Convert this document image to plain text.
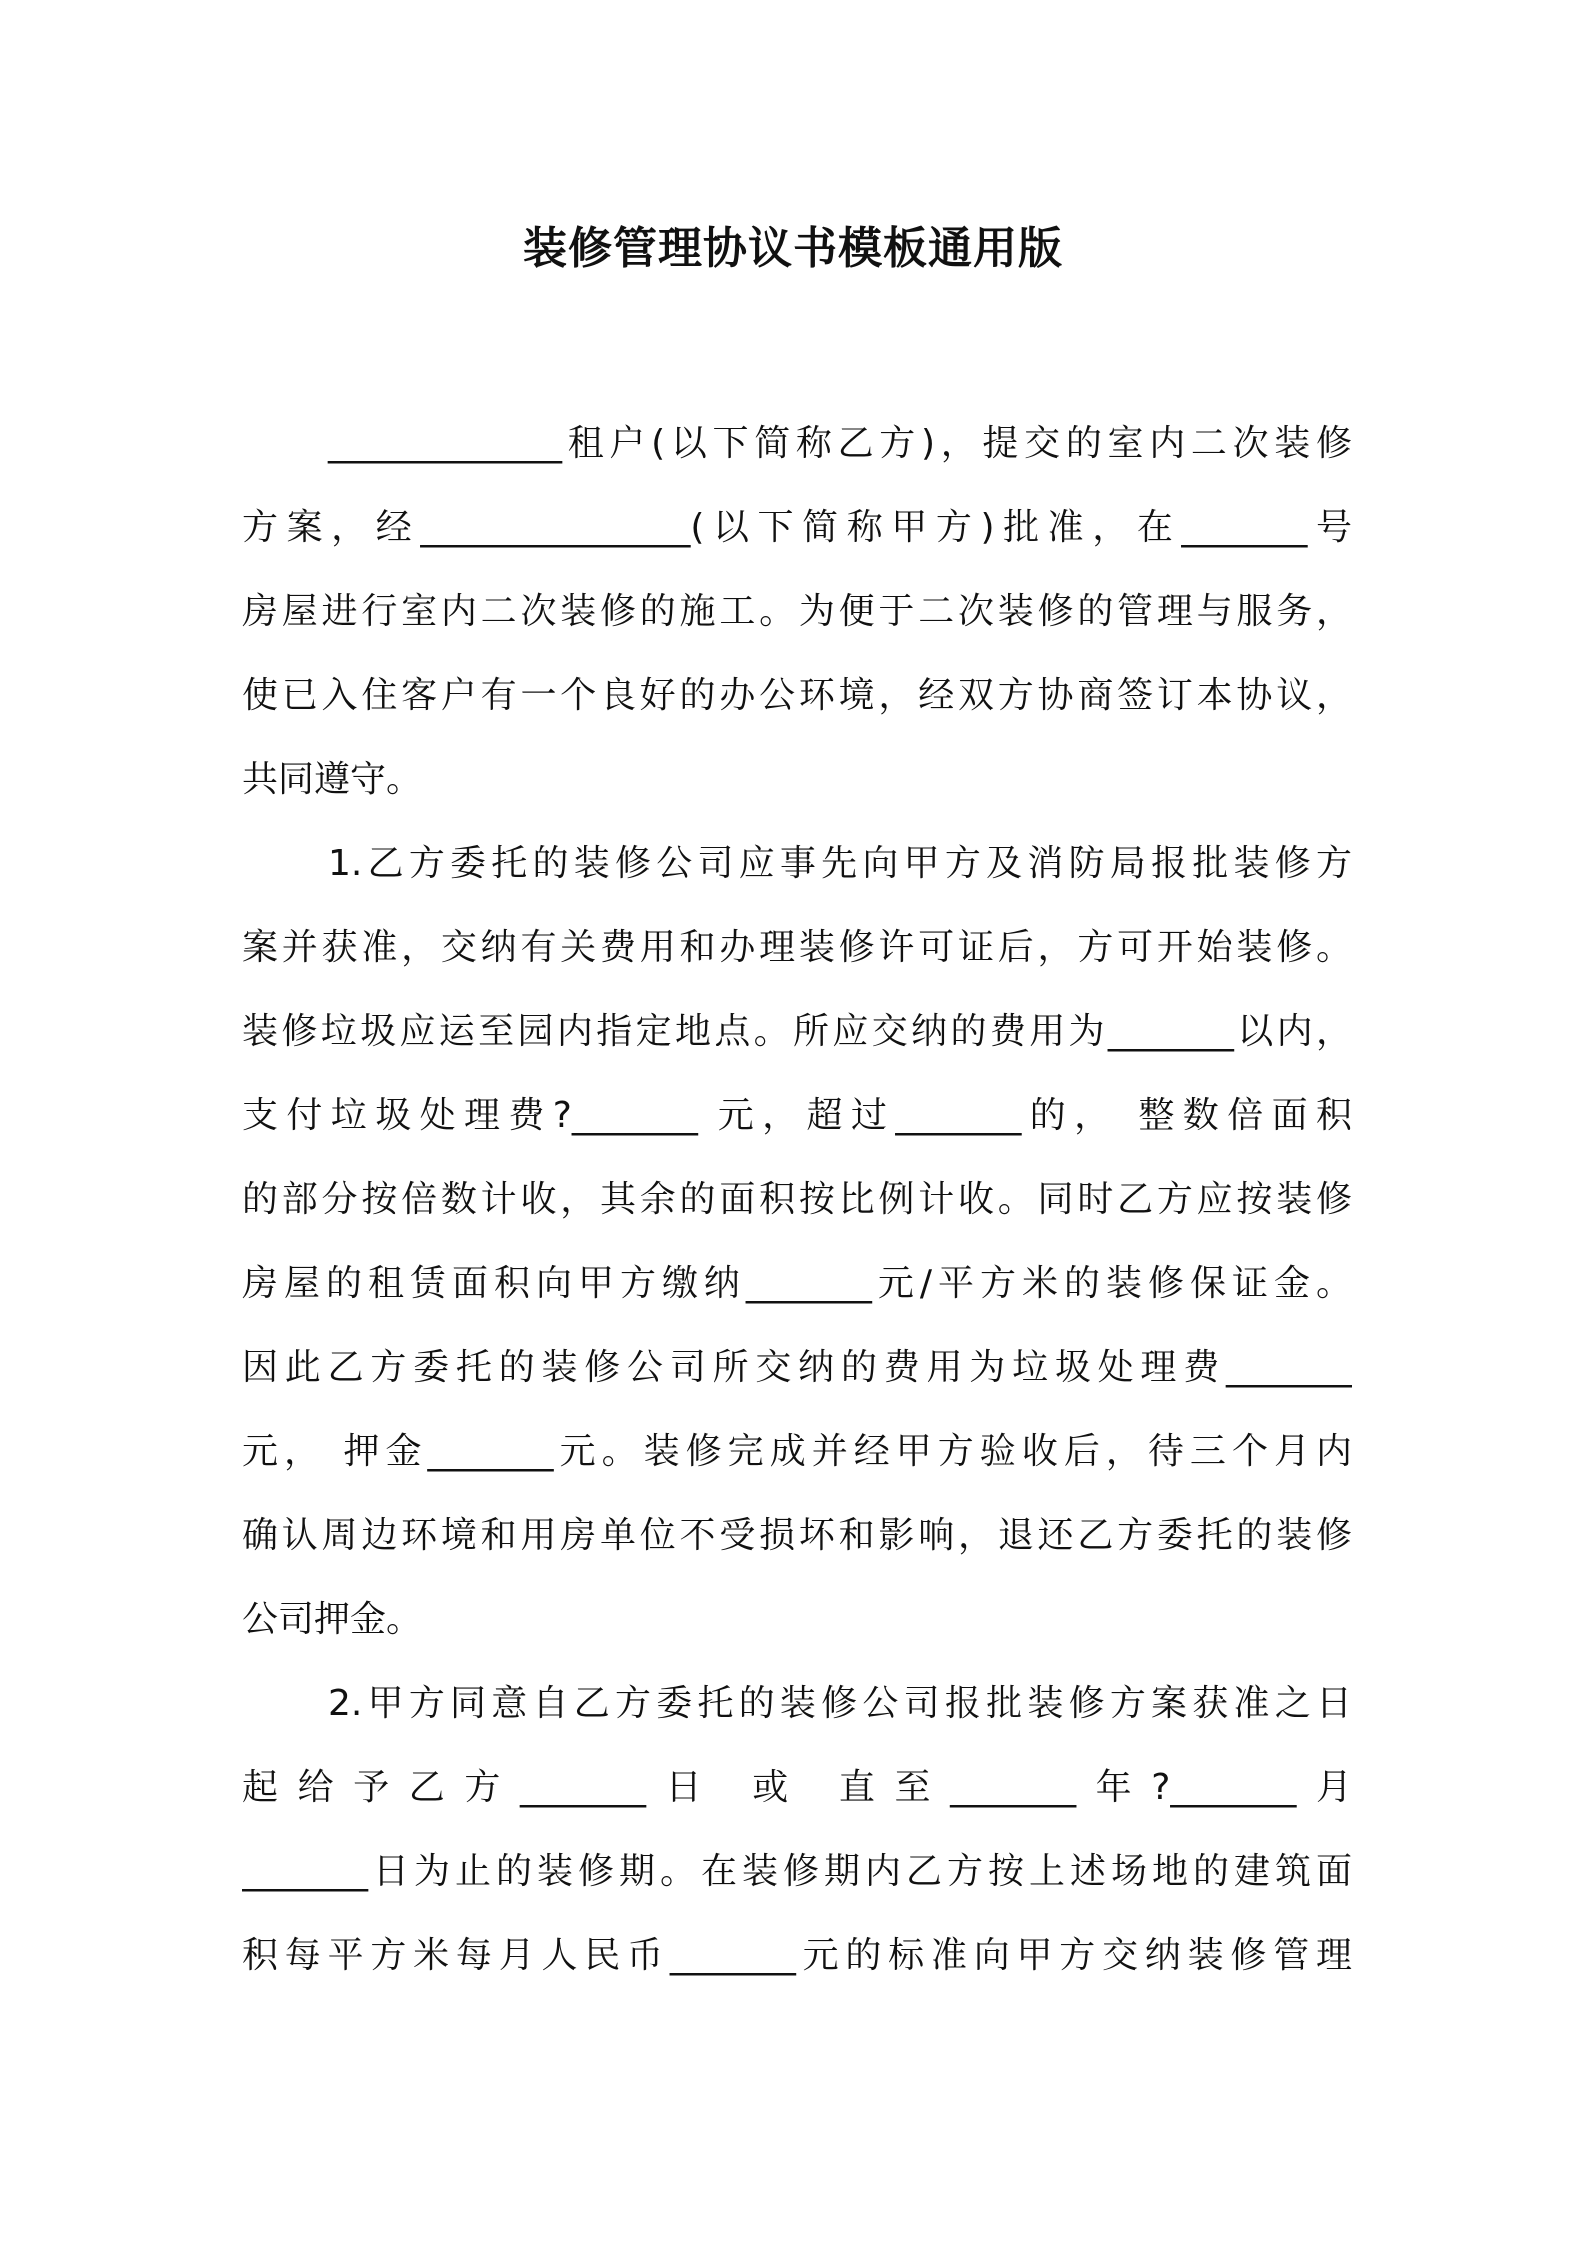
装修管理协议书模板通用版
_____________租户(以下简称乙方)，提交的室内二次装修
方案，经_______________(以下简称甲方)批准，在_______号
房屋进行室内二次装修的施工。为便于二次装修的管理与服务，
使已入住客户有一个良好的办公环境，经双方协商签订本协议，
共同遵守。
1.乙方委托的装修公司应事先向甲方及消防局报批装修方
案并获准，交纳有关费用和办理装修许可证后，方可开始装修。
装修垃圾应运至园内指定地点。所应交纳的费用为_______以内，
支付垃圾处理费?_______ 元，超过_______的， 整数倍面积
的部分按倍数计收，其余的面积按比例计收。同时乙方应按装修
房屋的租赁面积向甲方缴纳_______元/平方米的装修保证金。
因此乙方委托的装修公司所交纳的费用为垃圾处理费_______
元， 押金_______元。装修完成并经甲方验收后，待三个月内
确认周边环境和用房单位不受损坏和影响，退还乙方委托的装修
公司押金。
2.甲方同意自乙方委托的装修公司报批装修方案获准之日
起给予乙方_______日 或 直至_______年?_______月
_______日为止的装修期。在装修期内乙方按上述场地的建筑面
积每平方米每月人民币_______元的标准向甲方交纳装修管理
